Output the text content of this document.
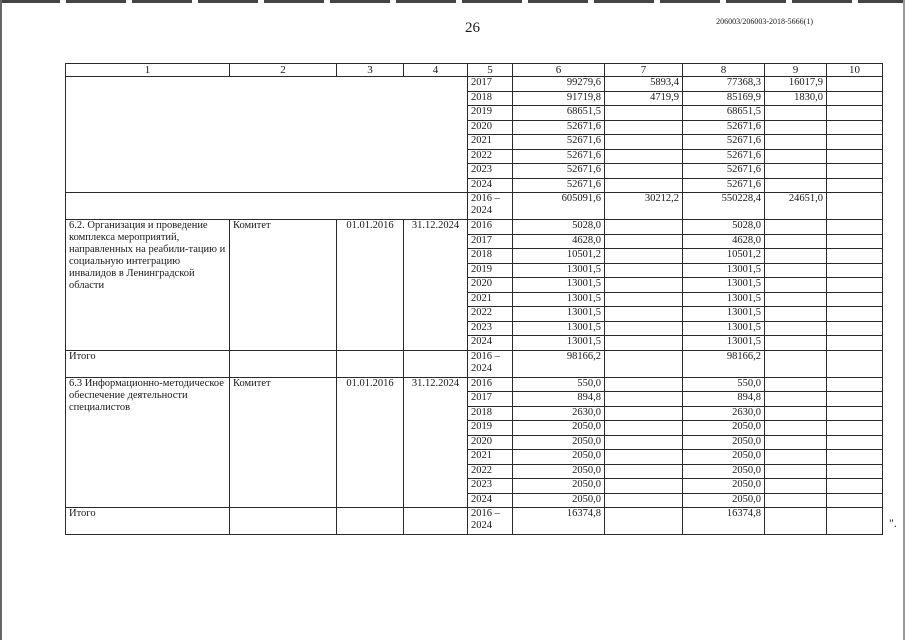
26	206003/206003-2018-5666(1)
".
1	2	3	4	5	6	7	8	9	10
				2017	99279,6	5893,4	77368,3	16017,9	
				2018	91719,8	4719,9	85169,9	1830,0	
				2019	68651,5		68651,5		
				2020	52671,6		52671,6		
				2021	52671,6		52671,6		
				2022	52671,6		52671,6		
				2023	52671,6		52671,6		
				2024	52671,6		52671,6		
				2016 – 2024	605091,6	30212,2	550228,4	24651,0	
6.2. Организация и проведение комплекса мероприятий, направленных на реабили-тацию и социальную интеграцию инвалидов в Ленинградской области	Комитет	01.01.2016	31.12.2024	2016	5028,0		5028,0		
				2017	4628,0		4628,0		
				2018	10501,2		10501,2		
				2019	13001,5		13001,5		
				2020	13001,5		13001,5		
				2021	13001,5		13001,5		
				2022	13001,5		13001,5		
				2023	13001,5		13001,5		
				2024	13001,5		13001,5		
Итого				2016 – 2024	98166,2		98166,2		
6.3 Информационно-методическое обеспечение деятельности специалистов	Комитет	01.01.2016	31.12.2024	2016	550,0		550,0		
				2017	894,8		894,8		
				2018	2630,0		2630,0		
				2019	2050,0		2050,0		
				2020	2050,0		2050,0		
				2021	2050,0		2050,0		
				2022	2050,0		2050,0		
				2023	2050,0		2050,0		
				2024	2050,0		2050,0		
Итого				2016 – 2024	16374,8		16374,8		
